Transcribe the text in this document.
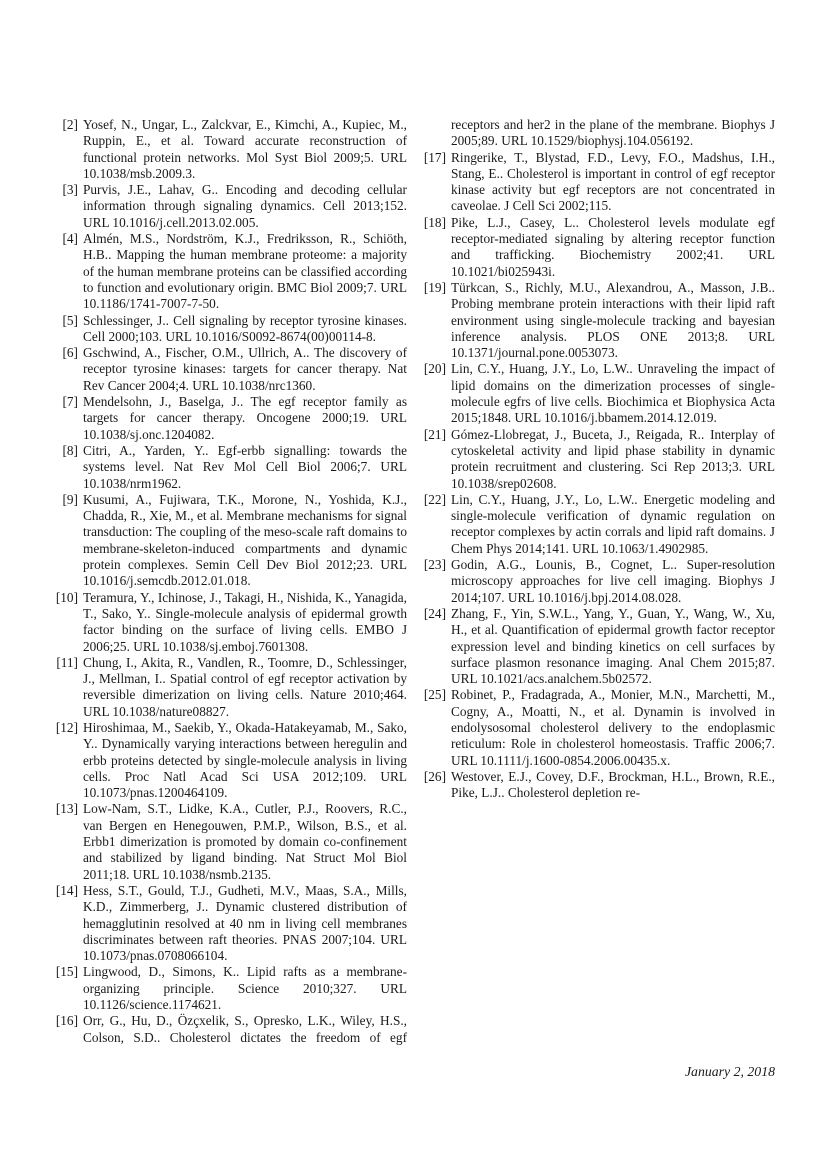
[2] Yosef, N., Ungar, L., Zalckvar, E., Kimchi, A., Kupiec, M., Ruppin, E., et al. Toward accurate reconstruction of functional protein networks. Mol Syst Biol 2009;5. URL 10.1038/msb.2009.3.
[3] Purvis, J.E., Lahav, G.. Encoding and decoding cellular information through signaling dynamics. Cell 2013;152. URL 10.1016/j.cell.2013.02.005.
[4] Almén, M.S., Nordström, K.J., Fredriksson, R., Schiöth, H.B.. Mapping the human membrane proteome: a majority of the human membrane proteins can be classified according to function and evolutionary origin. BMC Biol 2009;7. URL 10.1186/1741-7007-7-50.
[5] Schlessinger, J.. Cell signaling by receptor tyrosine kinases. Cell 2000;103. URL 10.1016/S0092-8674(00)00114-8.
[6] Gschwind, A., Fischer, O.M., Ullrich, A.. The discovery of receptor tyrosine kinases: targets for cancer therapy. Nat Rev Cancer 2004;4. URL 10.1038/nrc1360.
[7] Mendelsohn, J., Baselga, J.. The egf receptor family as targets for cancer therapy. Oncogene 2000;19. URL 10.1038/sj.onc.1204082.
[8] Citri, A., Yarden, Y.. Egf-erbb signalling: towards the systems level. Nat Rev Mol Cell Biol 2006;7. URL 10.1038/nrm1962.
[9] Kusumi, A., Fujiwara, T.K., Morone, N., Yoshida, K.J., Chadda, R., Xie, M., et al. Membrane mechanisms for signal transduction: The coupling of the meso-scale raft domains to membrane-skeleton-induced compartments and dynamic protein complexes. Semin Cell Dev Biol 2012;23. URL 10.1016/j.semcdb.2012.01.018.
[10] Teramura, Y., Ichinose, J., Takagi, H., Nishida, K., Yanagida, T., Sako, Y.. Single-molecule analysis of epidermal growth factor binding on the surface of living cells. EMBO J 2006;25. URL 10.1038/sj.emboj.7601308.
[11] Chung, I., Akita, R., Vandlen, R., Toomre, D., Schlessinger, J., Mellman, I.. Spatial control of egf receptor activation by reversible dimerization on living cells. Nature 2010;464. URL 10.1038/nature08827.
[12] Hiroshimaa, M., Saekib, Y., Okada-Hatakeyamab, M., Sako, Y.. Dynamically varying interactions between heregulin and erbb proteins detected by single-molecule analysis in living cells. Proc Natl Acad Sci USA 2012;109. URL 10.1073/pnas.1200464109.
[13] Low-Nam, S.T., Lidke, K.A., Cutler, P.J., Roovers, R.C., van Bergen en Henegouwen, P.M.P., Wilson, B.S., et al. Erbb1 dimerization is promoted by domain co-confinement and stabilized by ligand binding. Nat Struct Mol Biol 2011;18. URL 10.1038/nsmb.2135.
[14] Hess, S.T., Gould, T.J., Gudheti, M.V., Maas, S.A., Mills, K.D., Zimmerberg, J.. Dynamic clustered distribution of hemagglutinin resolved at 40 nm in living cell membranes discriminates between raft theories. PNAS 2007;104. URL 10.1073/pnas.0708066104.
[15] Lingwood, D., Simons, K.. Lipid rafts as a membrane-organizing principle. Science 2010;327. URL 10.1126/science.1174621.
[16] Orr, G., Hu, D., Özçxelik, S., Opresko, L.K., Wiley, H.S., Colson, S.D.. Cholesterol dictates the freedom of egf receptors and her2 in the plane of the membrane. Biophys J 2005;89. URL 10.1529/biophysj.104.056192.
[17] Ringerike, T., Blystad, F.D., Levy, F.O., Madshus, I.H., Stang, E.. Cholesterol is important in control of egf receptor kinase activity but egf receptors are not concentrated in caveolae. J Cell Sci 2002;115.
[18] Pike, L.J., Casey, L.. Cholesterol levels modulate egf receptor-mediated signaling by altering receptor function and trafficking. Biochemistry 2002;41. URL 10.1021/bi025943i.
[19] Türkcan, S., Richly, M.U., Alexandrou, A., Masson, J.B.. Probing membrane protein interactions with their lipid raft environment using single-molecule tracking and bayesian inference analysis. PLOS ONE 2013;8. URL 10.1371/journal.pone.0053073.
[20] Lin, C.Y., Huang, J.Y., Lo, L.W.. Unraveling the impact of lipid domains on the dimerization processes of single-molecule egfrs of live cells. Biochimica et Biophysica Acta 2015;1848. URL 10.1016/j.bbamem.2014.12.019.
[21] Gómez-Llobregat, J., Buceta, J., Reigada, R.. Interplay of cytoskeletal activity and lipid phase stability in dynamic protein recruitment and clustering. Sci Rep 2013;3. URL 10.1038/srep02608.
[22] Lin, C.Y., Huang, J.Y., Lo, L.W.. Energetic modeling and single-molecule verification of dynamic regulation on receptor complexes by actin corrals and lipid raft domains. J Chem Phys 2014;141. URL 10.1063/1.4902985.
[23] Godin, A.G., Lounis, B., Cognet, L.. Super-resolution microscopy approaches for live cell imaging. Biophys J 2014;107. URL 10.1016/j.bpj.2014.08.028.
[24] Zhang, F., Yin, S.W.L., Yang, Y., Guan, Y., Wang, W., Xu, H., et al. Quantification of epidermal growth factor receptor expression level and binding kinetics on cell surfaces by surface plasmon resonance imaging. Anal Chem 2015;87. URL 10.1021/acs.analchem.5b02572.
[25] Robinet, P., Fradagrada, A., Monier, M.N., Marchetti, M., Cogny, A., Moatti, N., et al. Dynamin is involved in endolysosomal cholesterol delivery to the endoplasmic reticulum: Role in cholesterol homeostasis. Traffic 2006;7. URL 10.1111/j.1600-0854.2006.00435.x.
[26] Westover, E.J., Covey, D.F., Brockman, H.L., Brown, R.E., Pike, L.J.. Cholesterol depletion re-
January 2, 2018
